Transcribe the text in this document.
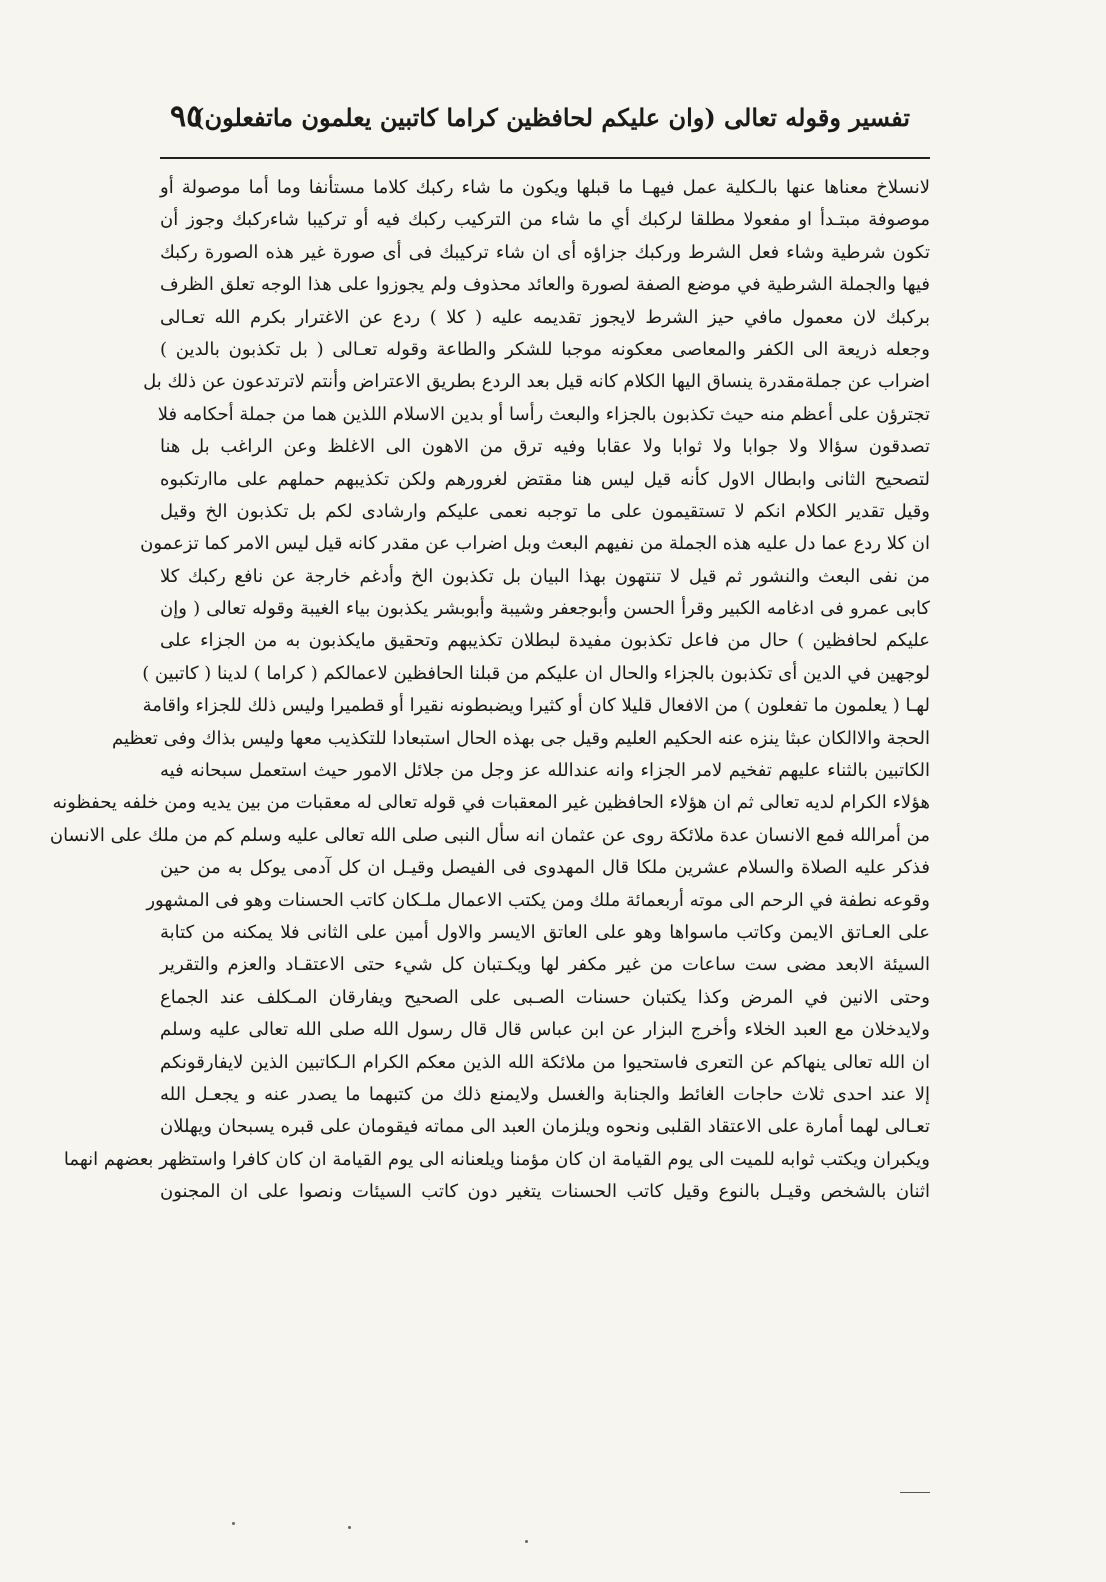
تفسير وقوله تعالى (وان عليكم لحافظين كراما كاتبين يعلمون ماتفعلون)
٩٥
لانسلاخ معناها عنها بالـكلية عمل فيهـا ما قبلها ويكون ما شاء ركبك كلاما مستأنفا وما أما موصولة أو
موصوفة مبتـدأ او مفعولا مطلقا لركبك أي ما شاء من التركيب ركبك فيه أو تركيبا شاءركبك وجوز أن
تكون شرطية وشاء فعل الشرط وركبك جزاؤه أى ان شاء تركيبك فى أى صورة غير هذه الصورة ركبك
فيها والجملة الشرطية في موضع الصفة لصورة والعائد محذوف ولم يجوزوا على هذا الوجه تعلق الظرف
بركبك لان معمول مافي حيز الشرط لايجوز تقديمه عليه ( كلا ) ردع عن الاغترار بكرم الله تعـالى
وجعله ذريعة الى الكفر والمعاصى معكونه موجبا للشكر والطاعة وقوله تعـالى ( بل تكذبون بالدين )
اضراب عن جملةمقدرة ينساق اليها الكلام كانه قيل بعد الردع بطريق الاعتراض وأنتم لاترتدعون عن ذلك بل
تجترؤن على أعظم منه حيث تكذبون بالجزاء والبعث رأسا أو بدين الاسلام اللذين هما من جملة أحكامه فلا
تصدقون سؤالا ولا جوابا ولا ثوابا ولا عقابا وفيه ترق من الاهون الى الاغلظ وعن الراغب بل هنا
لتصحيح الثانى وابطال الاول كأنه قيل ليس هنا مقتض لغرورهم ولكن تكذيبهم حملهم على ماارتكبوه
وقيل تقدير الكلام انكم لا تستقيمون على ما توجبه نعمى عليكم وارشادى لكم بل تكذبون الخ وقيل
ان كلا ردع عما دل عليه هذه الجملة من نفيهم البعث وبل اضراب عن مقدر كانه قيل ليس الامر كما تزعمون
من نفى البعث والنشور ثم قيل لا تنتهون بهذا البيان بل تكذبون الخ وأدغم خارجة عن نافع ركبك كلا
كابى عمرو فى ادغامه الكبير وقرأ الحسن وأبوجعفر وشيبة وأبوبشر يكذبون بياء الغيبة وقوله تعالى ( وإن
عليكم لحافظين ) حال من فاعل تكذبون مفيدة لبطلان تكذيبهم وتحقيق مايكذبون به من الجزاء على
لوجهين في الدين أى تكذبون بالجزاء والحال ان عليكم من قبلنا الحافظين لاعمالكم ( كراما ) لدينا ( كاتبين )
لهـا ( يعلمون ما تفعلون ) من الافعال قليلا كان أو كثيرا ويضبطونه نقيرا أو قطميرا وليس ذلك للجزاء واقامة
الحجة والاالكان عبثا ينزه عنه الحكيم العليم وقيل جى بهذه الحال استبعادا للتكذيب معها وليس بذاك وفى تعظيم
الكاتبين بالثناء عليهم تفخيم لامر الجزاء وانه عندالله عز وجل من جلائل الامور حيث استعمل سبحانه فيه
هؤلاء الكرام لديه تعالى ثم ان هؤلاء الحافظين غير المعقبات في قوله تعالى له معقبات من بين يديه ومن خلفه يحفظونه
من أمرالله فمع الانسان عدة ملائكة روى عن عثمان انه سأل النبى صلى الله تعالى عليه وسلم كم من ملك على الانسان
فذكر عليه الصلاة والسلام عشرين ملكا قال المهدوى فى الفيصل وقيـل ان كل آدمى يوكل به من حين
وقوعه نطفة في الرحم الى موته أربعمائة ملك ومن يكتب الاعمال ملـكان كاتب الحسنات وهو فى المشهور
على العـاتق الايمن وكاتب ماسواها وهو على العاتق الايسر والاول أمين على الثانى فلا يمكنه من كتابة
السيئة الابعد مضى ست ساعات من غير مكفر لها ويكـتبان كل شيء حتى الاعتقـاد والعزم والتقرير
وحتى الانين في المرض وكذا يكتبان حسنات الصـبى على الصحيح ويفارقان المـكلف عند الجماع
ولايدخلان مع العبد الخلاء وأخرج البزار عن ابن عباس قال قال رسول الله صلى الله تعالى عليه وسلم
ان الله تعالى ينهاكم عن التعرى فاستحيوا من ملائكة الله الذين معكم الكرام الـكاتبين الذين لايفارقونكم
إلا عند احدى ثلاث حاجات الغائط والجنابة والغسل ولايمنع ذلك من كتبهما ما يصدر عنه و يجعـل الله
تعـالى لهما أمارة على الاعتقاد القلبى ونحوه ويلزمان العبد الى مماته فيقومان على قبره يسبحان ويهللان
ويكبران ويكتب ثوابه للميت الى يوم القيامة ان كان مؤمنا ويلعنانه الى يوم القيامة ان كان كافرا واستظهر بعضهم انهما
اثنان بالشخص وقيـل بالنوع وقيل كاتب الحسنات يتغير دون كاتب السيئات ونصوا على ان المجنون
